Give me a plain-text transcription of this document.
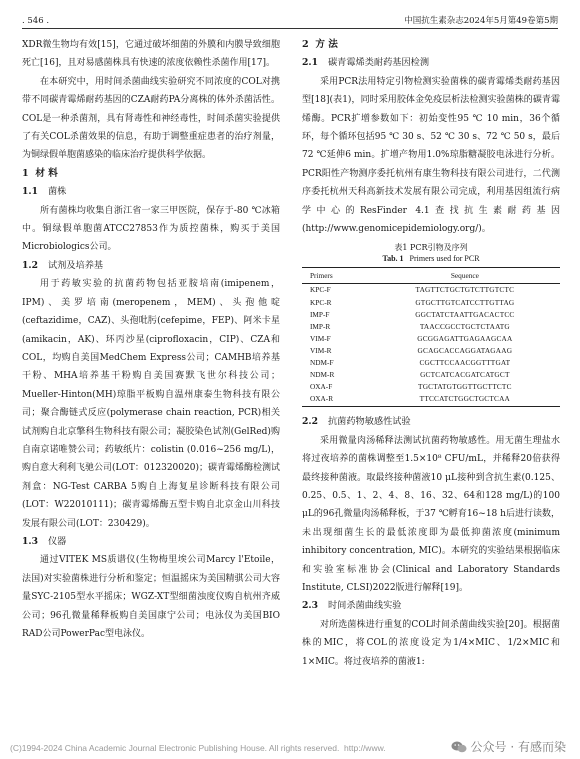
. 546 .	中国抗生素杂志2024年5月第49卷第5期

XDR微生物均有效[15]，它通过破坏细菌的外膜和内膜导致细胞死亡[16]，且对易感菌株具有快速的浓度依赖性杀菌作用[17]。

在本研究中，用时间杀菌曲线实验研究不同浓度的COL对携带不同碳青霉烯耐药基因的CZA耐药PA分离株的体外杀菌活性。COL是一种杀菌剂，具有肾毒性和神经毒性，时间杀菌实验提供了有关COL杀菌效果的信息，有助于调整重症患者的治疗剂量，为铜绿假单胞菌感染的临床治疗提供科学依据。

1 材 料
1.1 菌株

所有菌株均收集自浙江省一家三甲医院，保存于-80 ℃冰箱中。铜绿假单胞菌ATCC27853作为质控菌株，购买于美国Microbiologics公司。

1.2 试剂及培养基

用于药敏实验的抗菌药物包括亚胺培南(imipenem，IPM)、美罗培南(meropenem，MEM)、头孢他啶(ceftazidime，CAZ)、头孢吡肟(cefepime，FEP)、阿米卡星(amikacin，AK)、环丙沙星(ciprofloxacin，CIP)、CZA和COL，均购自美国MedChem Express公司；CAMHB培养基干粉、MHA培养基干粉购自美国赛默飞世尔科技公司；Mueller-Hinton(MH)琼脂平板购自温州康泰生物科技有限公司；聚合酶链式反应(polymerase chain reaction, PCR)相关试剂购自北京擎科生物科技有限公司；凝胶染色试剂(GelRed)购自南京诺唯赞公司；药敏纸片：colistin (0.016~256 mg/L)，购自意大利利飞驰公司(LOT：012320020)；碳青霉烯酶检测试剂盒：NG-Test CARBA 5购自上海复星诊断科技有限公司(LOT：W22010111)；碳青霉烯酶五型卡购自北京金山川科技发展有限公司(LOT：230429)。

1.3 仪器

通过VITEK MS质谱仪(生物梅里埃公司Marcy l'Etoile，法国)对实验菌株进行分析和鉴定；恒温摇床为美国精骐公司大容量SYC-2105型水平摇床；WGZ-XT型细菌浊度仪购自杭州齐威公司；96孔微量稀释板购自美国康宁公司；电泳仪为美国BIO RAD公司PowerPac型电泳仪。

2 方 法
2.1 碳青霉烯类耐药基因检测

采用PCR法用特定引物检测实验菌株的碳青霉烯类耐药基因型[18](表1)，同时采用胶体金免疫层析法检测实验菌株的碳青霉烯酶。PCR扩增参数如下：初始变性95 ℃ 10 min，36个循环，每个循环包括95 ℃ 30 s、52 ℃ 30 s、72 ℃ 50 s，最后72 ℃延伸6 min。扩增产物用1.0%琼脂糖凝胶电泳进行分析。PCR阳性产物测序委托杭州有康生物科技有限公司进行，二代测序委托杭州天科高新技术发展有限公司完成，利用基因组流行病学中心的ResFinder 4.1查找抗生素耐药基因(http://www.genomicepidemiology.org/)。

表1 PCR引物及序列
Tab. 1 Primers used for PCR
Primers	Sequence
KPC-F	TAGTTCTGCTGTCTTGTCTC
KPC-R	GTGCTTGTCATCCTTGTTAG
IMP-F	GGCTATCTAATTGACACTCC
IMP-R	TAACCGCCTGCTCTAATG
VIM-F	GCGGAGATTGAGAAGCAA
VIM-R	GCAGCACCAGGATAGAAG
NDM-F	CGCTTCCAACGGTTTGAT
NDM-R	GCTCATCACGATCATGCT
OXA-F	TGCTATGTGGTTGCTTCTC
OXA-R	TTCCATCTGGCTGCTCAA
2.2 抗菌药物敏感性试验

采用微量肉汤稀释法测试抗菌药物敏感性。用无菌生理盐水将过夜培养的菌株调整至1.5×10⁸ CFU/mL，并稀释20倍获得最终接种菌液。取最终接种菌液10 μL接种到含抗生素(0.125、0.25、0.5、1、2、4、8、16、32、64和128 mg/L)的100 μL的96孔微量肉汤稀释板，于37 ℃孵育16~18 h后进行读数，未出现细菌生长的最低浓度即为最低抑菌浓度(minimum inhibitory concentration, MIC)。本研究的实验结果根据临床和实验室标准协会(Clinical and Laboratory Standards Institute, CLSI)2022版进行解释[19]。

2.3 时间杀菌曲线实验

对所选菌株进行重复的COL时间杀菌曲线实验[20]。根据菌株的MIC，将COL的浓度设定为1/4×MIC、1/2×MIC和1×MIC。将过夜培养的菌液1:

(C)1994-2024 China Academic Journal Electronic Publishing House. All rights reserved. http://www.	公众号 · 有感而染
